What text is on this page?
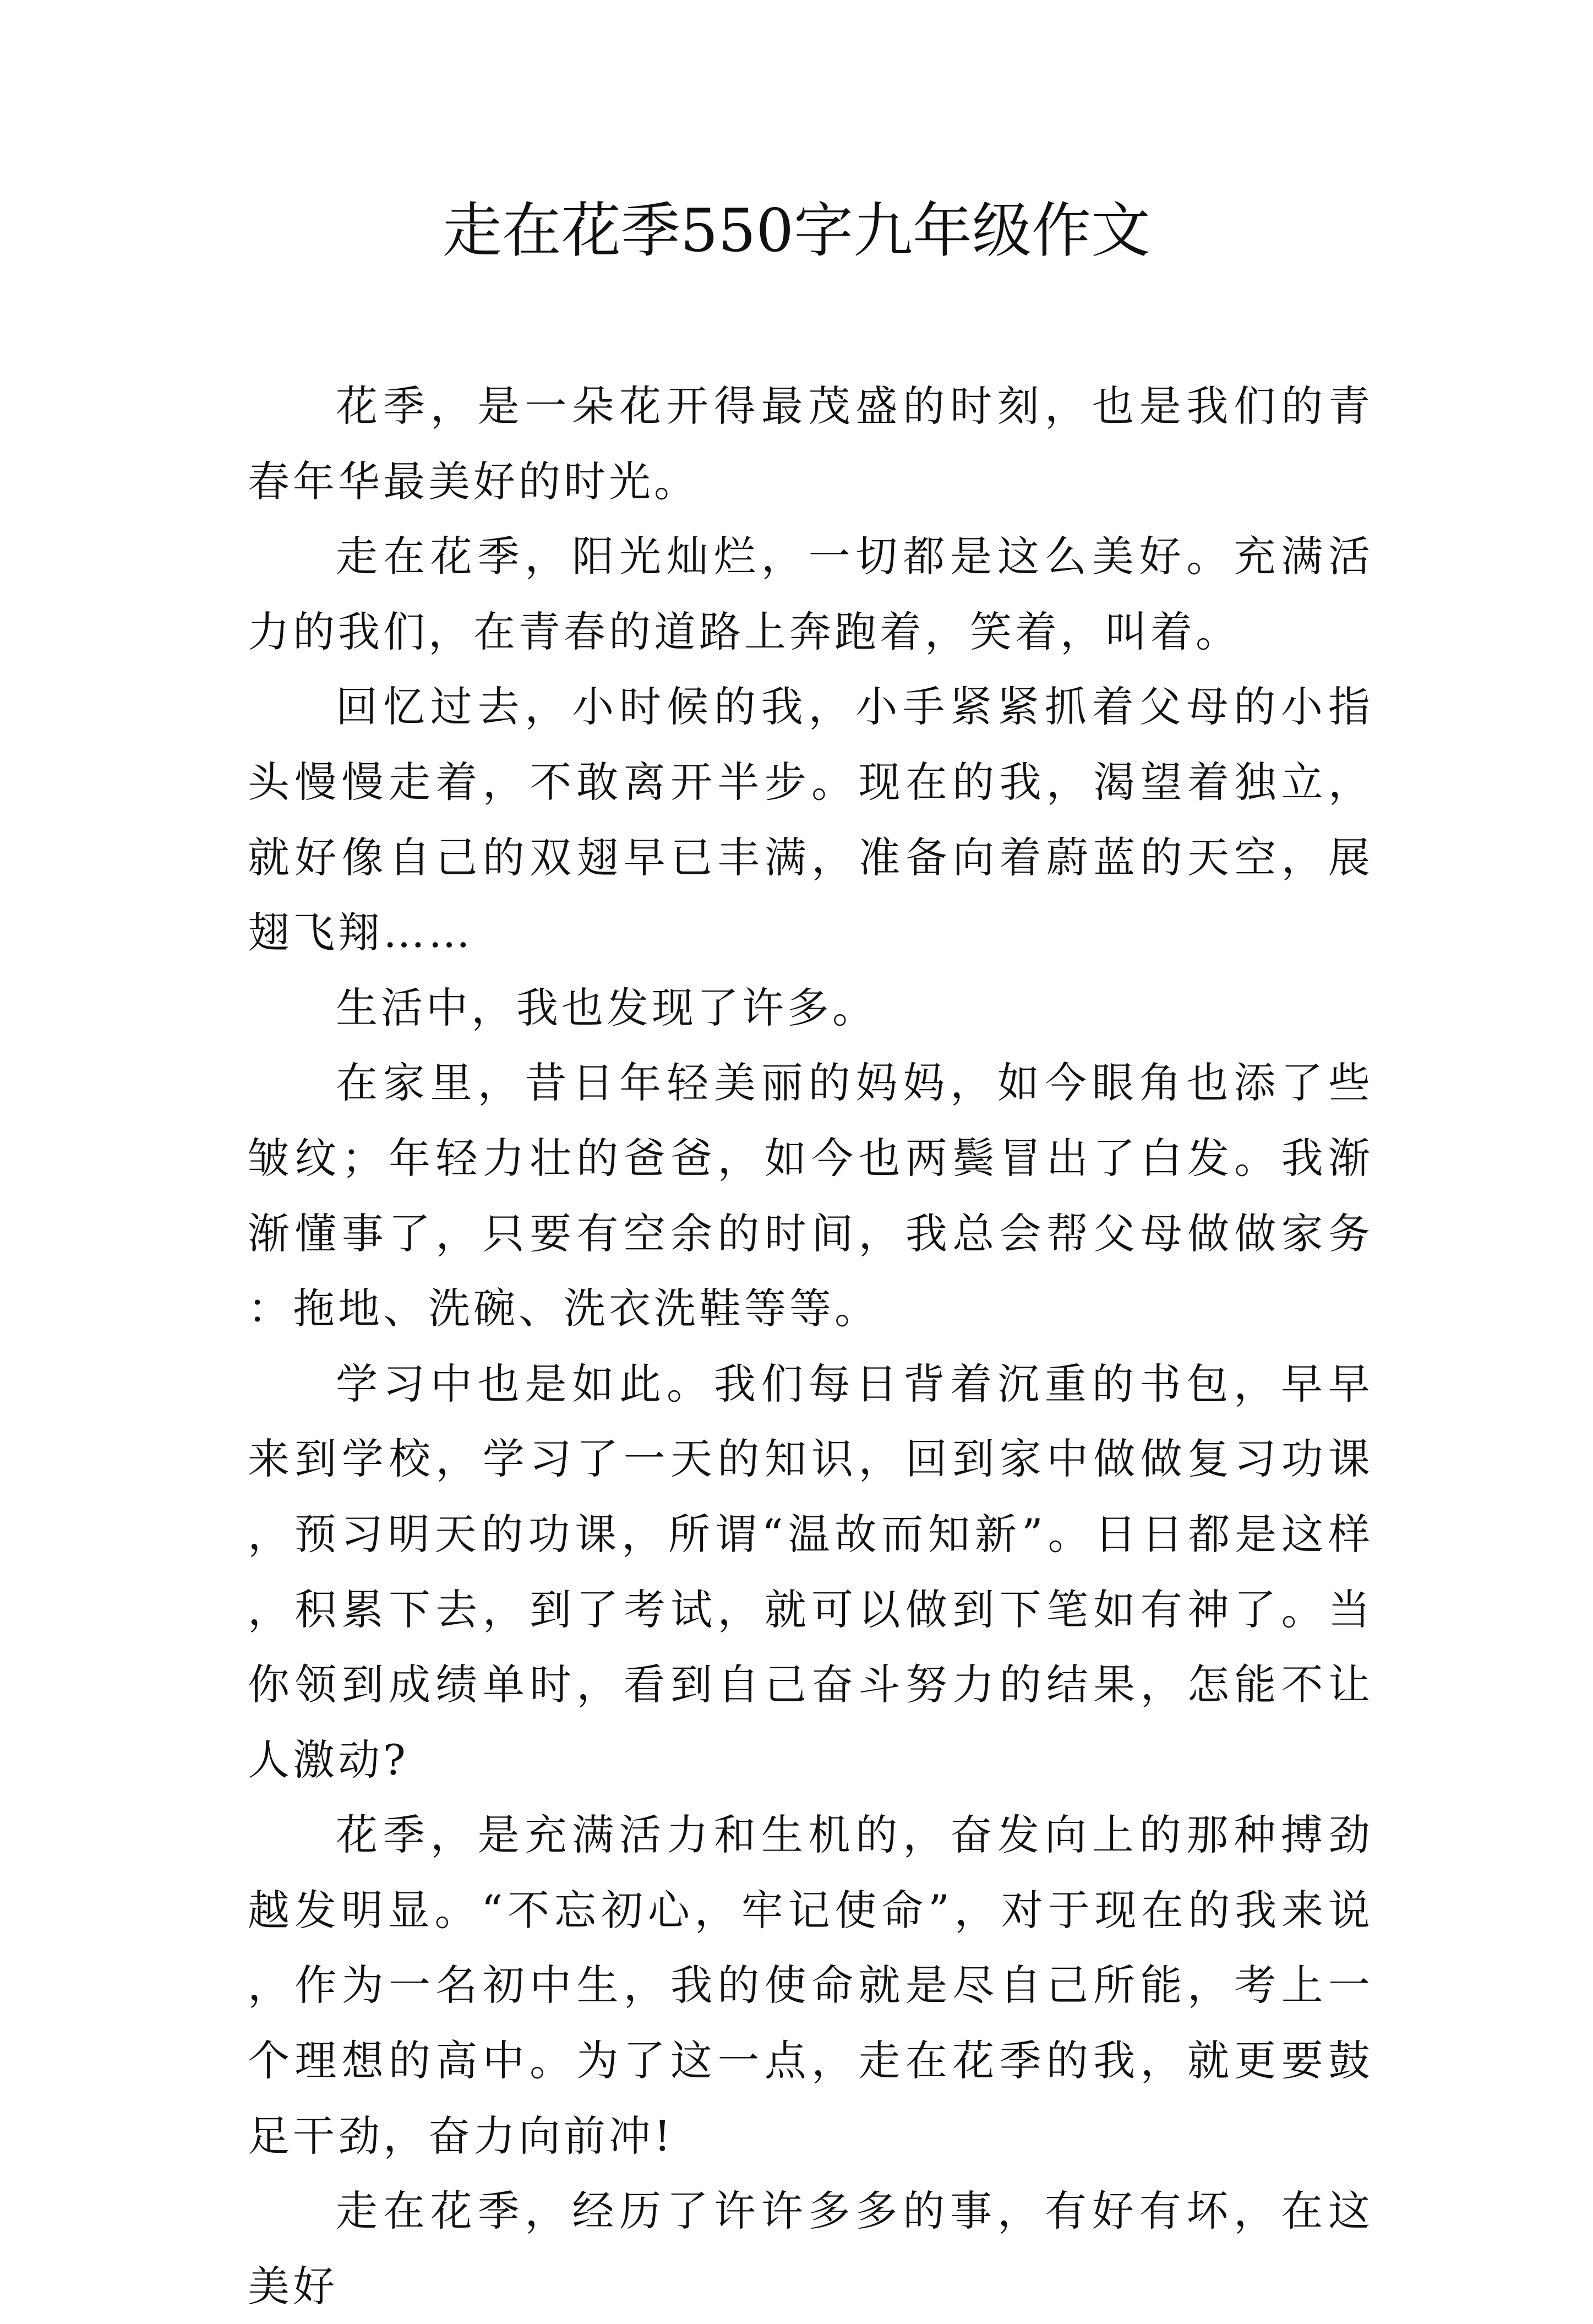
走在花季550字九年级作文

花季，是一朵花开得最茂盛的时刻，也是我们的青春年华最美好的时光。

走在花季，阳光灿烂，一切都是这么美好。充满活力的我们，在青春的道路上奔跑着，笑着，叫着。

回忆过去，小时候的我，小手紧紧抓着父母的小指头慢慢走着，不敢离开半步。现在的我，渴望着独立，就好像自己的双翅早已丰满，准备向着蔚蓝的天空，展翅飞翔……

生活中，我也发现了许多。

在家里，昔日年轻美丽的妈妈，如今眼角也添了些皱纹；年轻力壮的爸爸，如今也两鬓冒出了白发。我渐渐懂事了，只要有空余的时间，我总会帮父母做做家务：拖地、洗碗、洗衣洗鞋等等。

学习中也是如此。我们每日背着沉重的书包，早早来到学校，学习了一天的知识，回到家中做做复习功课，预习明天的功课，所谓“温故而知新”。日日都是这样，积累下去，到了考试，就可以做到下笔如有神了。当你领到成绩单时，看到自己奋斗努力的结果，怎能不让人激动?

花季，是充满活力和生机的，奋发向上的那种搏劲越发明显。“不忘初心，牢记使命”，对于现在的我来说，作为一名初中生，我的使命就是尽自己所能，考上一个理想的高中。为了这一点，走在花季的我，就更要鼓足干劲，奋力向前冲!

走在花季，经历了许许多多的事，有好有坏，在这美好
